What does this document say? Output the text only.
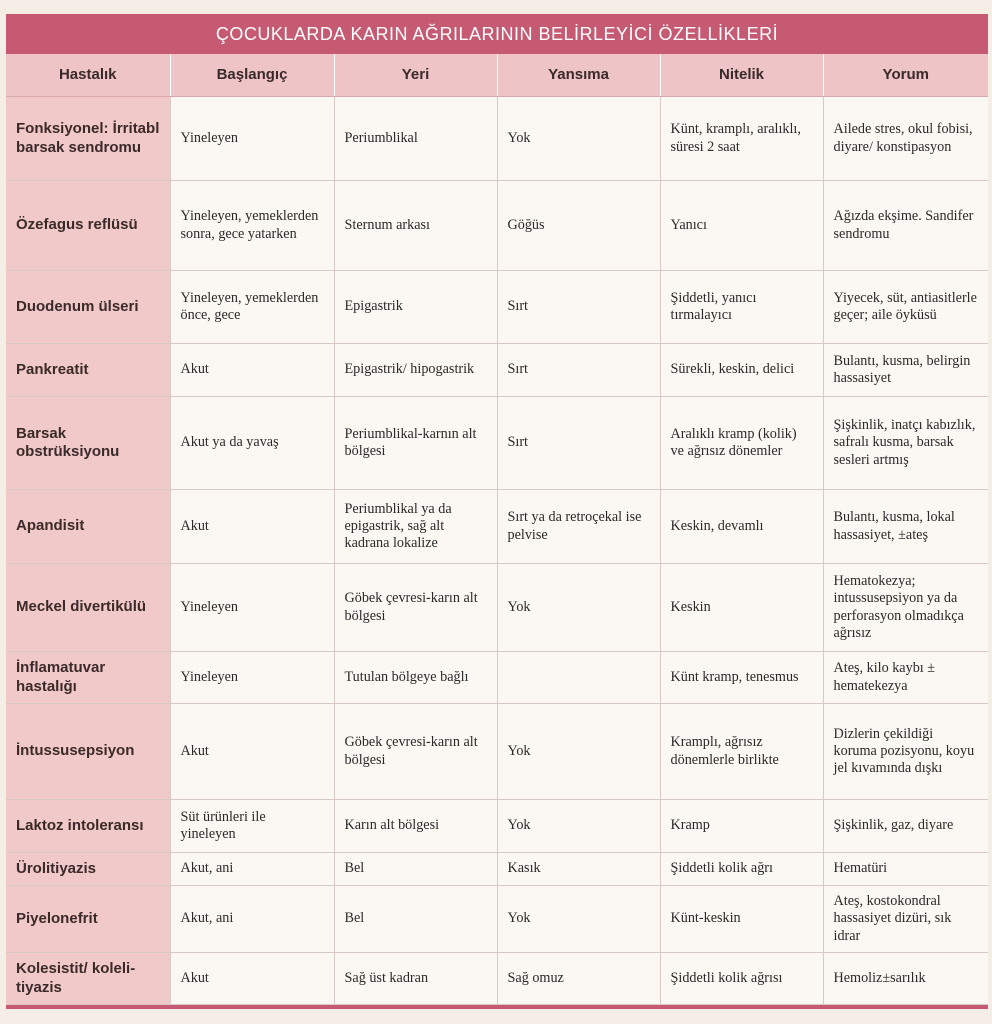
ÇOCUKLARDA KARIN AĞRILARININ BELİRLEYİCİ ÖZELLİKLERİ
Hastalık	Başlangıç	Yeri	Yansıma	Nitelik	Yorum
Fonksiyonel: İrritabl barsak sendromu	Yineleyen	Periumblikal	Yok	Künt, kramplı, aralıklı, süresi 2 saat	Ailede stres, okul fobisi, diyare/ konstipasyon
Özefagus reflüsü	Yineleyen, yemeklerden sonra, gece yatarken	Sternum arkası	Göğüs	Yanıcı	Ağızda ekşime. Sandifer sendromu
Duodenum ülseri	Yineleyen, yemeklerden önce, gece	Epigastrik	Sırt	Şiddetli, yanıcı tırmalayıcı	Yiyecek, süt, antiasitlerle geçer; aile öyküsü
Pankreatit	Akut	Epigastrik/ hipogastrik	Sırt	Sürekli, keskin, delici	Bulantı, kusma, belirgin hassasiyet
Barsak obstrüksiyonu	Akut ya da yavaş	Periumblikal-karnın alt bölgesi	Sırt	Aralıklı kramp (kolik) ve ağrısız dönemler	Şişkinlik, inatçı kabızlık, safralı kusma, barsak sesleri artmış
Apandisit	Akut	Periumblikal ya da epigastrik, sağ alt kadrana lokalize	Sırt ya da retroçekal ise pelvise	Keskin, devamlı	Bulantı, kusma, lokal hassasiyet, ±ateş
Meckel divertikülü	Yineleyen	Göbek çevresi-karın alt bölgesi	Yok	Keskin	Hematokezya; intussusepsiyon ya da perforasyon olmadıkça ağrısız
İnflamatuvar hastalığı	Yineleyen	Tutulan bölgeye bağlı		Künt kramp, tenesmus	Ateş, kilo kaybı ± hematekezya
İntussusepsiyon	Akut	Göbek çevresi-karın alt bölgesi	Yok	Kramplı, ağrısız dönemlerle birlikte	Dizlerin çekildiği koruma pozisyonu, koyu jel kıvamında dışkı
Laktoz intoleransı	Süt ürünleri ile yineleyen	Karın alt bölgesi	Yok	Kramp	Şişkinlik, gaz, diyare
Ürolitiyazis	Akut, ani	Bel	Kasık	Şiddetli kolik ağrı	Hematüri
Piyelonefrit	Akut, ani	Bel	Yok	Künt-keskin	Ateş, kostokondral hassasiyet dizüri, sık idrar
Kolesistit/ koleli-tiyazis	Akut	Sağ üst kadran	Sağ omuz	Şiddetli kolik ağrısı	Hemoliz±sarılık
